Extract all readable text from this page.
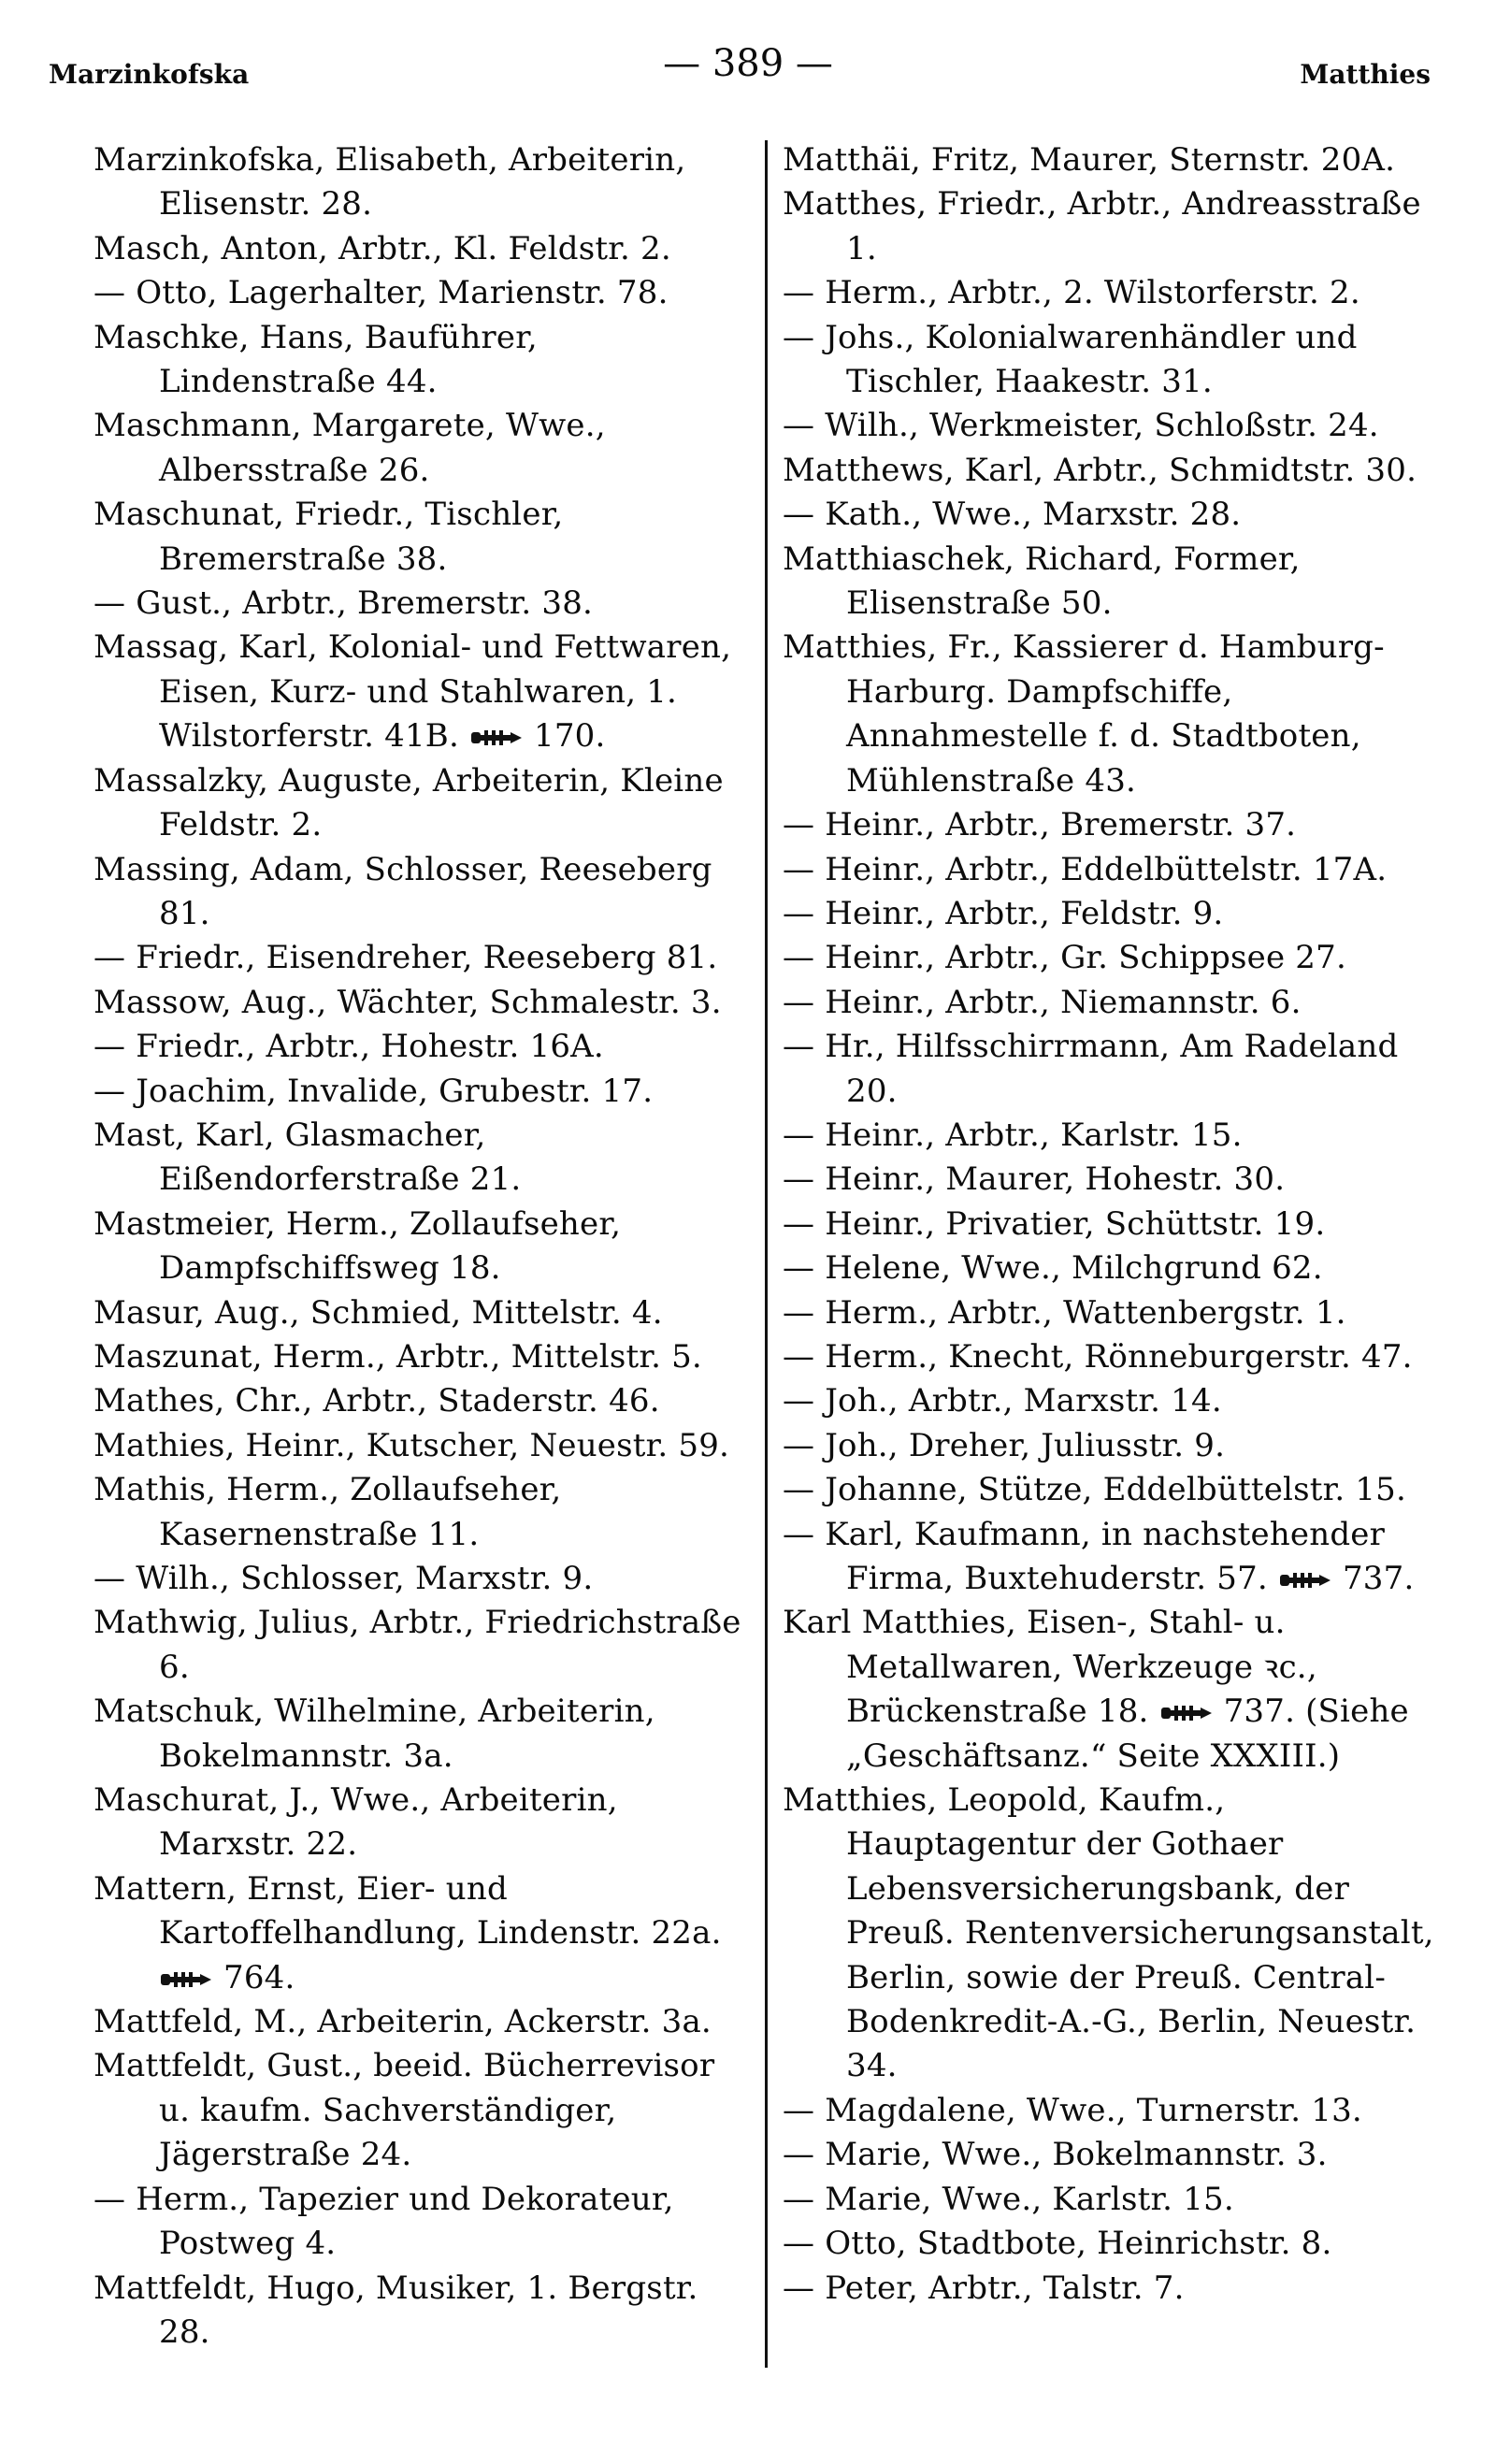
Marzinkofska	— 389 —	Matthies
Marzinkofska, Elisabeth, Arbeiterin, Elisenstr. 28.
Masch, Anton, Arbtr., Kl. Feldstr. 2.
— Otto, Lagerhalter, Marienstr. 78.
Maschke, Hans, Bauführer, Lindenstraße 44.
Maschmann, Margarete, Wwe., Albersstraße 26.
Maschunat, Friedr., Tischler, Bremerstraße 38.
— Gust., Arbtr., Bremerstr. 38.
Massag, Karl, Kolonial- und Fettwaren, Eisen, Kurz- und Stahlwaren, 1. Wilstorferstr. 41B.
170.
Massalzky, Auguste, Arbeiterin, Kleine Feldstr. 2.
Massing, Adam, Schlosser, Reeseberg 81.
— Friedr., Eisendreher, Reeseberg 81.
Massow, Aug., Wächter, Schmalestr. 3.
— Friedr., Arbtr., Hohestr. 16A.
— Joachim, Invalide, Grubestr. 17.
Mast, Karl, Glasmacher, Eißendorferstraße 21.
Mastmeier, Herm., Zollaufseher, Dampfschiffsweg 18.
Masur, Aug., Schmied, Mittelstr. 4.
Maszunat, Herm., Arbtr., Mittelstr. 5.
Mathes, Chr., Arbtr., Staderstr. 46.
Mathies, Heinr., Kutscher, Neuestr. 59.
Mathis, Herm., Zollaufseher, Kasernenstraße 11.
— Wilh., Schlosser, Marxstr. 9.
Mathwig, Julius, Arbtr., Friedrichstraße 6.
Matschuk, Wilhelmine, Arbeiterin, Bokelmannstr. 3a.
Maschurat, J., Wwe., Arbeiterin, Marxstr. 22.
Mattern, Ernst, Eier- und Kartoffelhandlung, Lindenstr. 22a.
764.
Mattfeld, M., Arbeiterin, Ackerstr. 3a.
Mattfeldt, Gust., beeid. Bücherrevisor u. kaufm. Sachverständiger, Jägerstraße 24.
— Herm., Tapezier und Dekorateur, Postweg 4.
Mattfeldt, Hugo, Musiker, 1. Bergstr. 28.
Matthäi, Fritz, Maurer, Sternstr. 20A.
Matthes, Friedr., Arbtr., Andreasstraße 1.
— Herm., Arbtr., 2. Wilstorferstr. 2.
— Johs., Kolonialwarenhändler und Tischler, Haakestr. 31.
— Wilh., Werkmeister, Schloßstr. 24.
Matthews, Karl, Arbtr., Schmidtstr. 30.
— Kath., Wwe., Marxstr. 28.
Matthiaschek, Richard, Former, Elisenstraße 50.
Matthies, Fr., Kassierer d. Hamburg-Harburg. Dampfschiffe, Annahmestelle f. d. Stadtboten, Mühlenstraße 43.
— Heinr., Arbtr., Bremerstr. 37.
— Heinr., Arbtr., Eddelbüttelstr. 17A.
— Heinr., Arbtr., Feldstr. 9.
— Heinr., Arbtr., Gr. Schippsee 27.
— Heinr., Arbtr., Niemannstr. 6.
— Hr., Hilfsschirrmann, Am Radeland 20.
— Heinr., Arbtr., Karlstr. 15.
— Heinr., Maurer, Hohestr. 30.
— Heinr., Privatier, Schüttstr. 19.
— Helene, Wwe., Milchgrund 62.
— Herm., Arbtr., Wattenbergstr. 1.
— Herm., Knecht, Rönneburgerstr. 47.
— Joh., Arbtr., Marxstr. 14.
— Joh., Dreher, Juliusstr. 9.
— Johanne, Stütze, Eddelbüttelstr. 15.
— Karl, Kaufmann, in nachstehender Firma, Buxtehuderstr. 57.
737.
Karl Matthies, Eisen-, Stahl- u. Metallwaren, Werkzeuge ꝛc., Brückenstraße 18.
737. (Siehe „Geschäftsanz.“ Seite XXXIII.)
Matthies, Leopold, Kaufm., Hauptagentur der Gothaer Lebensversicherungsbank, der Preuß. Rentenversicherungsanstalt, Berlin, sowie der Preuß. Central-Bodenkredit-A.-G., Berlin, Neuestr. 34.
— Magdalene, Wwe., Turnerstr. 13.
— Marie, Wwe., Bokelmannstr. 3.
— Marie, Wwe., Karlstr. 15.
— Otto, Stadtbote, Heinrichstr. 8.
— Peter, Arbtr., Talstr. 7.
